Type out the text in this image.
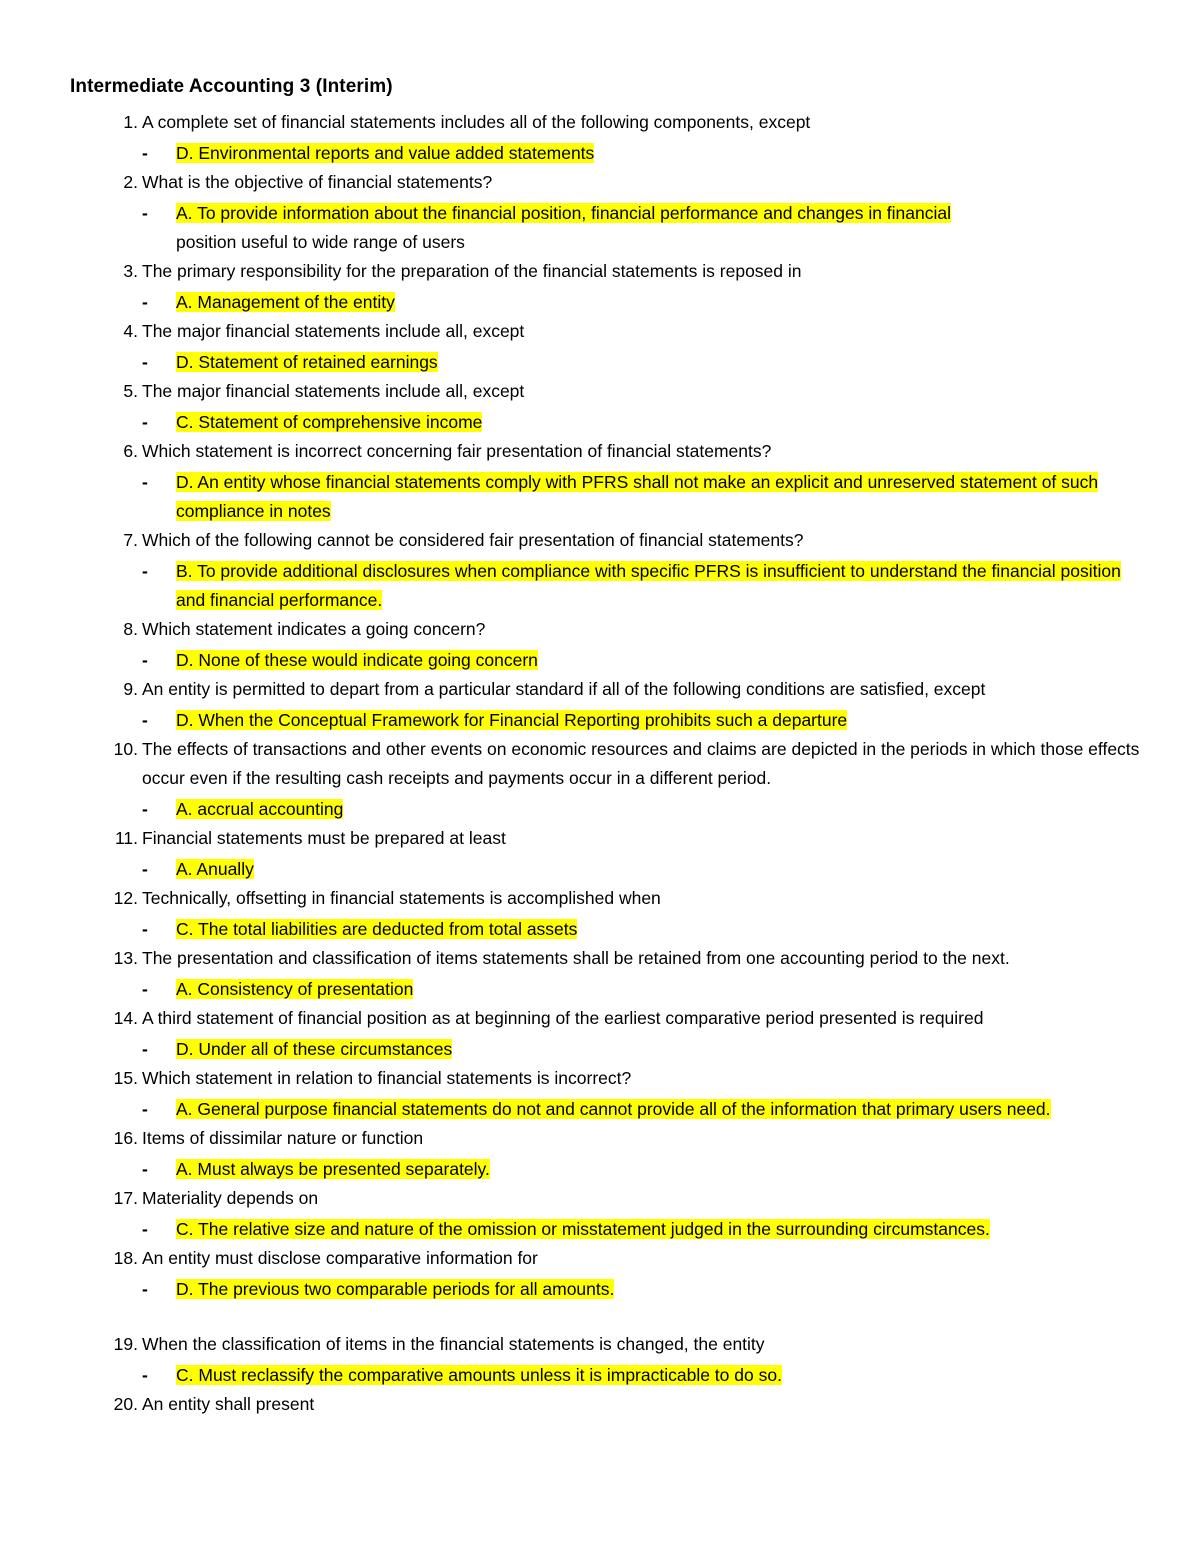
Intermediate Accounting 3 (Interim)
1. A complete set of financial statements includes all of the following components, except
- D. Environmental reports and value added statements
2. What is the objective of financial statements?
- A. To provide information about the financial position, financial performance and changes in financial
position useful to wide range of users
3. The primary responsibility for the preparation of the financial statements is reposed in
- A. Management of the entity
4. The major financial statements include all, except
- D. Statement of retained earnings
5. The major financial statements include all, except
- C. Statement of comprehensive income
6. Which statement is incorrect concerning fair presentation of financial statements?
- D. An entity whose financial statements comply with PFRS shall not make an explicit and unreserved statement of such compliance in notes
7. Which of the following cannot be considered fair presentation of financial statements?
- B. To provide additional disclosures when compliance with specific PFRS is insufficient to understand the financial position and financial performance.
8. Which statement indicates a going concern?
- D. None of these would indicate going concern
9. An entity is permitted to depart from a particular standard if all of the following conditions are satisfied, except
- D. When the Conceptual Framework for Financial Reporting prohibits such a departure
10. The effects of transactions and other events on economic resources and claims are depicted in the periods in which those effects occur even if the resulting cash receipts and payments occur in a different period.
- A. accrual accounting
11. Financial statements must be prepared at least
- A. Anually
12. Technically, offsetting in financial statements is accomplished when
- C. The total liabilities are deducted from total assets
13. The presentation and classification of items statements shall be retained from one accounting period to the next.
- A. Consistency of presentation
14. A third statement of financial position as at beginning of the earliest comparative period presented is required
- D. Under all of these circumstances
15. Which statement in relation to financial statements is incorrect?
- A. General purpose financial statements do not and cannot provide all of the information that primary users need.
16. Items of dissimilar nature or function
- A. Must always be presented separately.
17. Materiality depends on
- C. The relative size and nature of the omission or misstatement judged in the surrounding circumstances.
18. An entity must disclose comparative information for
- D. The previous two comparable periods for all amounts.
19. When the classification of items in the financial statements is changed, the entity
- C. Must reclassify the comparative amounts unless it is impracticable to do so.
20. An entity shall present
